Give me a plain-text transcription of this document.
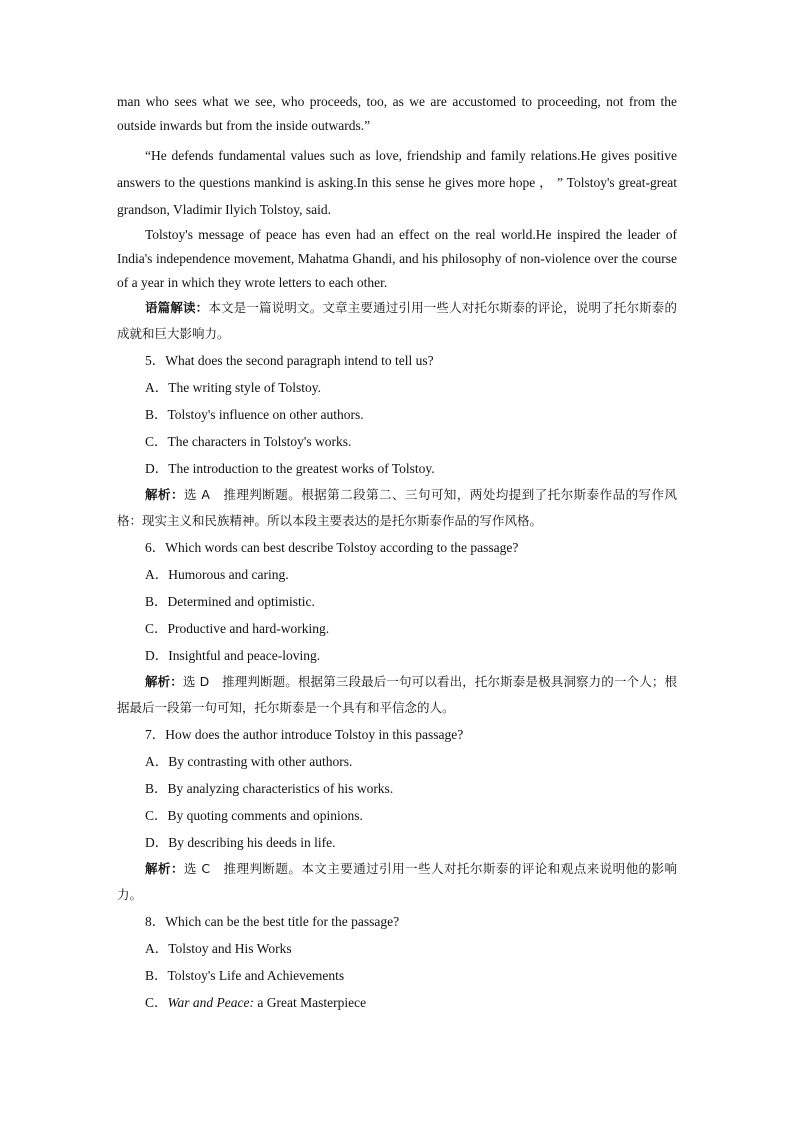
man who sees what we see, who proceeds, too, as we are accustomed to proceeding, not from the outside inwards but from the inside outwards.”

“He defends fundamental values such as love, friendship and family relations.He gives positive answers to the questions mankind is asking.In this sense he gives more hope ， ” Tolstoy's great-great grandson, Vladimir Ilyich Tolstoy, said.

Tolstoy's message of peace has even had an effect on the real world.He inspired the leader of India's independence movement, Mahatma Ghandi, and his philosophy of non-violence over the course of a year in which they wrote letters to each other.

语篇解读：本文是一篇说明文。文章主要通过引用一些人对托尔斯泰的评论，说明了托尔斯泰的成就和巨大影响力。

5．What does the second paragraph intend to tell us?
A．The writing style of Tolstoy.
B．Tolstoy's influence on other authors.
C．The characters in Tolstoy's works.
D．The introduction to the greatest works of Tolstoy.

解析：选 A　推理判断题。根据第二段第二、三句可知，两处均提到了托尔斯泰作品的写作风格：现实主义和民族精神。所以本段主要表达的是托尔斯泰作品的写作风格。

6．Which words can best describe Tolstoy according to the passage?
A．Humorous and caring.
B．Determined and optimistic.
C．Productive and hard-working.
D．Insightful and peace-loving.

解析：选 D　推理判断题。根据第三段最后一句可以看出，托尔斯泰是极具洞察力的一个人；根据最后一段第一句可知，托尔斯泰是一个具有和平信念的人。

7．How does the author introduce Tolstoy in this passage?
A．By contrasting with other authors.
B．By analyzing characteristics of his works.
C．By quoting comments and opinions.
D．By describing his deeds in life.

解析：选 C　推理判断题。本文主要通过引用一些人对托尔斯泰的评论和观点来说明他的影响力。

8．Which can be the best title for the passage?
A．Tolstoy and His Works
B．Tolstoy's Life and Achievements
C．War and Peace: a Great Masterpiece
